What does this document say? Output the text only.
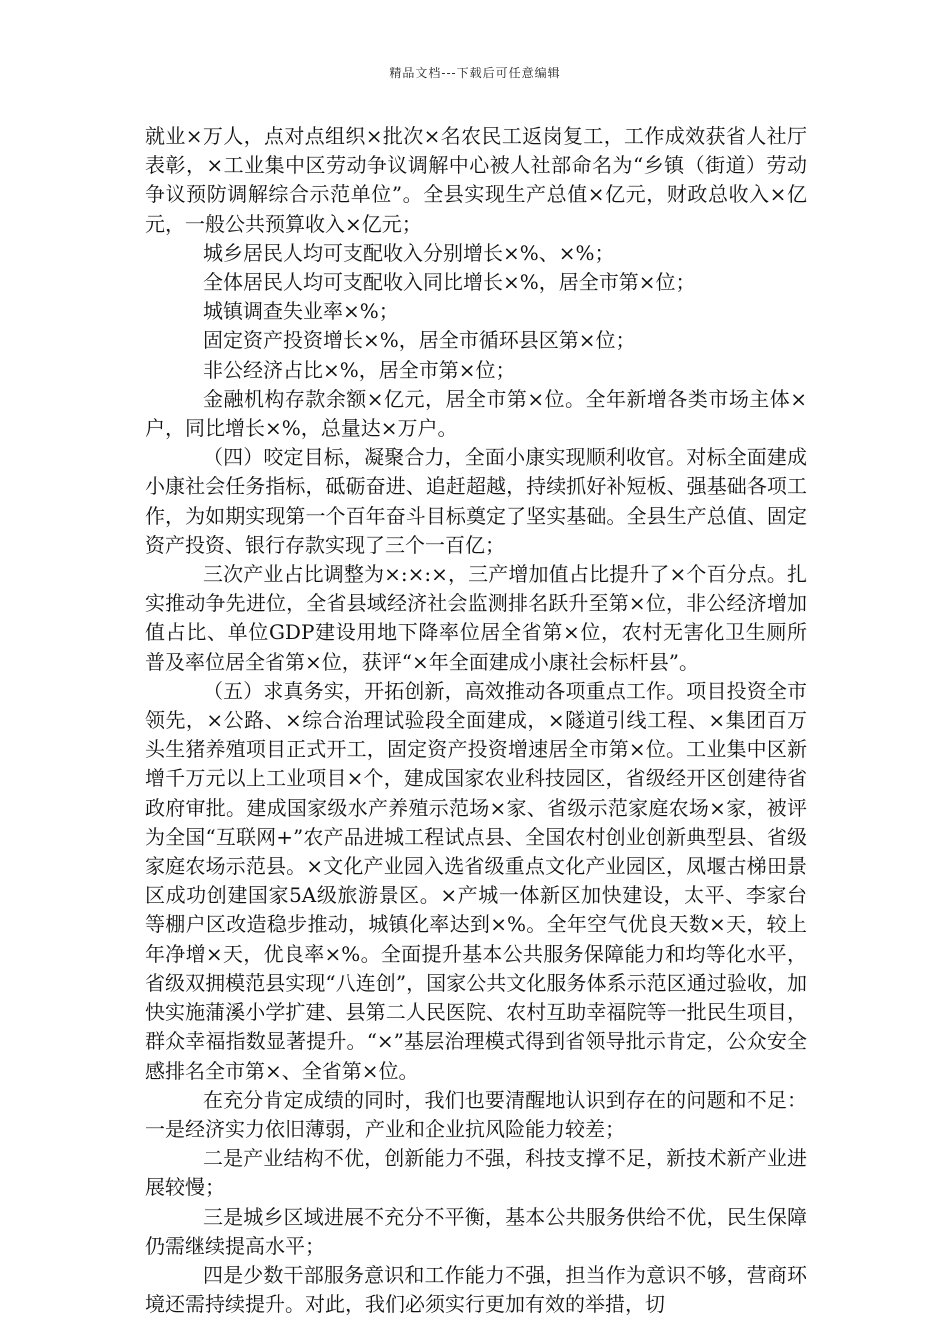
精品文档---下载后可任意编辑

就业×万人，点对点组织×批次×名农民工返岗复工，工作成效获省人社厅表彰，×工业集中区劳动争议调解中心被人社部命名为“乡镇（街道）劳动争议预防调解综合示范单位”。全县实现生产总值×亿元，财政总收入×亿元，一般公共预算收入×亿元；

城乡居民人均可支配收入分别增长×%、×%；

全体居民人均可支配收入同比增长×%，居全市第×位；

城镇调查失业率×%；

固定资产投资增长×%，居全市循环县区第×位；

非公经济占比×%，居全市第×位；

金融机构存款余额×亿元，居全市第×位。全年新增各类市场主体×户，同比增长×%，总量达×万户。

（四）咬定目标，凝聚合力，全面小康实现顺利收官。对标全面建成小康社会任务指标，砥砺奋进、追赶超越，持续抓好补短板、强基础各项工作，为如期实现第一个百年奋斗目标奠定了坚实基础。全县生产总值、固定资产投资、银行存款实现了三个一百亿；

三次产业占比调整为×:×:×，三产增加值占比提升了×个百分点。扎实推动争先进位，全省县域经济社会监测排名跃升至第×位，非公经济增加值占比、单位GDP建设用地下降率位居全省第×位，农村无害化卫生厕所普及率位居全省第×位，获评“×年全面建成小康社会标杆县”。

（五）求真务实，开拓创新，高效推动各项重点工作。项目投资全市领先，×公路、×综合治理试验段全面建成，×隧道引线工程、×集团百万头生猪养殖项目正式开工，固定资产投资增速居全市第×位。工业集中区新增千万元以上工业项目×个，建成国家农业科技园区，省级经开区创建待省政府审批。建成国家级水产养殖示范场×家、省级示范家庭农场×家，被评为全国“互联网+”农产品进城工程试点县、全国农村创业创新典型县、省级家庭农场示范县。×文化产业园入选省级重点文化产业园区，凤堰古梯田景区成功创建国家5A级旅游景区。×产城一体新区加快建设，太平、李家台等棚户区改造稳步推动，城镇化率达到×%。全年空气优良天数×天，较上年净增×天，优良率×%。全面提升基本公共服务保障能力和均等化水平，省级双拥模范县实现“八连创”，国家公共文化服务体系示范区通过验收，加快实施蒲溪小学扩建、县第二人民医院、农村互助幸福院等一批民生项目，群众幸福指数显著提升。“×”基层治理模式得到省领导批示肯定，公众安全感排名全市第×、全省第×位。

在充分肯定成绩的同时，我们也要清醒地认识到存在的问题和不足：一是经济实力依旧薄弱，产业和企业抗风险能力较差；

二是产业结构不优，创新能力不强，科技支撑不足，新技术新产业进展较慢；

三是城乡区域进展不充分不平衡，基本公共服务供给不优，民生保障仍需继续提高水平；

四是少数干部服务意识和工作能力不强，担当作为意识不够，营商环境还需持续提升。对此，我们必须实行更加有效的举措，切
